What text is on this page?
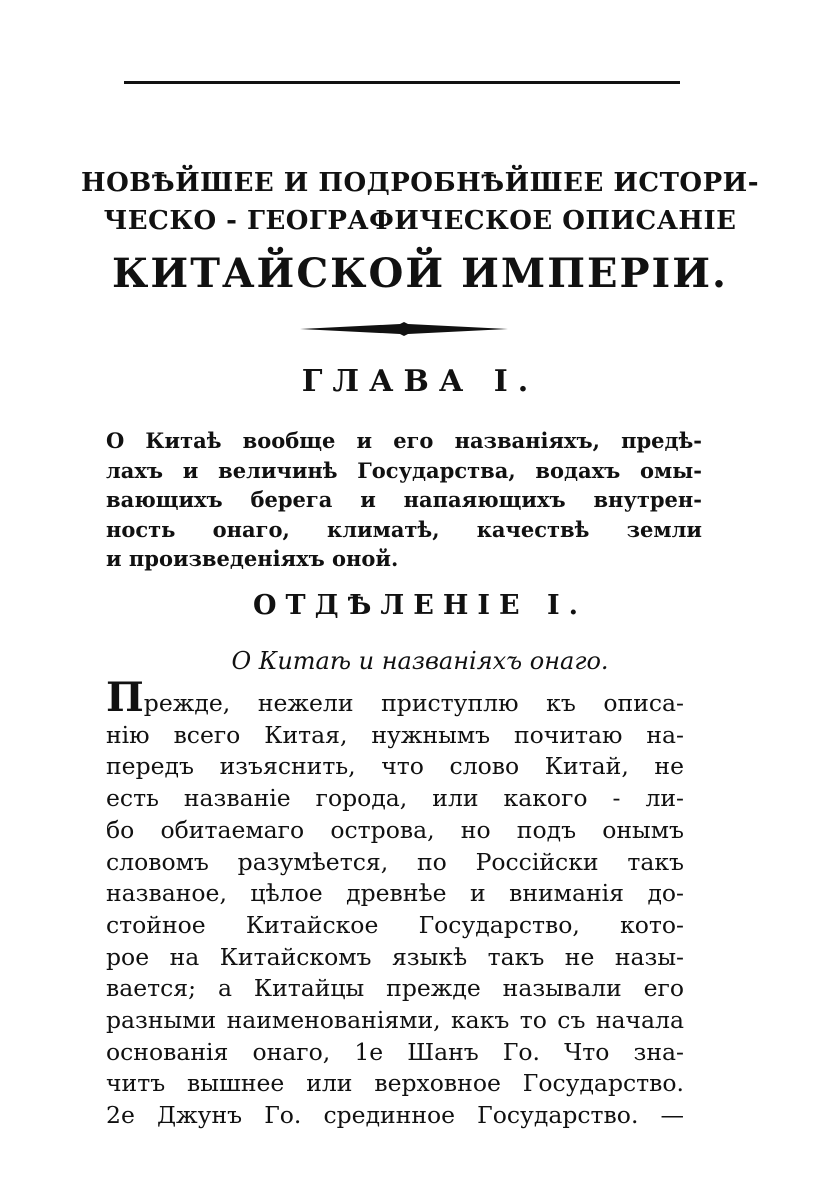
НОВѢЙШЕЕ И ПОДРОБНѢЙШЕЕ ИСТОРИ-
ЧЕСКО - ГЕОГРАФИЧЕСКОЕ ОПИСАНІЕ
КИТАЙСКОЙ ИМПЕРІИ.
ГЛАВА I.
О Китаѣ вообще и его названіяхъ, предѣ-
лахъ и величинѣ Государства, водахъ омы-
вающихъ берега и напаяющихъ внутрен-
ность онаго, климатѣ, качествѣ земли
и произведеніяхъ оной.
ОТДѢЛЕНІЕ I.
О Китаѣ и названіяхъ онаго.
Прежде, нежели приступлю къ описа-
нію всего Китая, нужнымъ почитаю на-
передъ изъяснить, что слово Китай, не
есть названіе города, или какого - ли-
бо обитаемаго острова, но подъ онымъ
словомъ разумѣется, по Россійски такъ
названое, цѣлое древнѣе и вниманія до-
стойное Китайское Государство, кото-
рое на Китайскомъ языкѣ такъ не назы-
вается; а Китайцы прежде называли его
разными наименованіями, какъ то съ начала
основанія онаго, 1е Шанъ Го. Что зна-
читъ вышнее или верховное Государство.
2е Джунъ Го. срединное Государство. —
